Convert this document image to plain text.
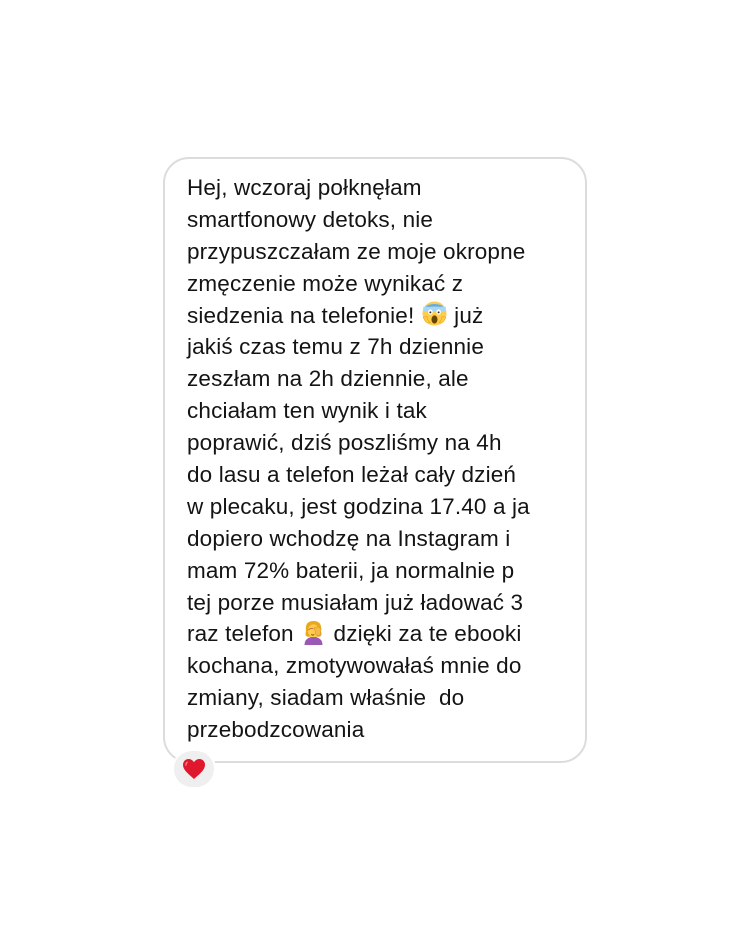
Hej, wczoraj połknęłam
smartfonowy detoks, nie
przypuszczałam ze moje okropne
zmęczenie może wynikać z
siedzenia na telefonie!  już
jakiś czas temu z 7h dziennie
zeszłam na 2h dziennie, ale
chciałam ten wynik i tak
poprawić, dziś poszliśmy na 4h
do lasu a telefon leżał cały dzień
w plecaku, jest godzina 17.40 a ja
dopiero wchodzę na Instagram i
mam 72% baterii, ja normalnie p
tej porze musiałam już ładować 3
raz telefon  dzięki za te ebooki
kochana, zmotywowałaś mnie do
zmiany, siadam właśnie  do
przebodzcowania
